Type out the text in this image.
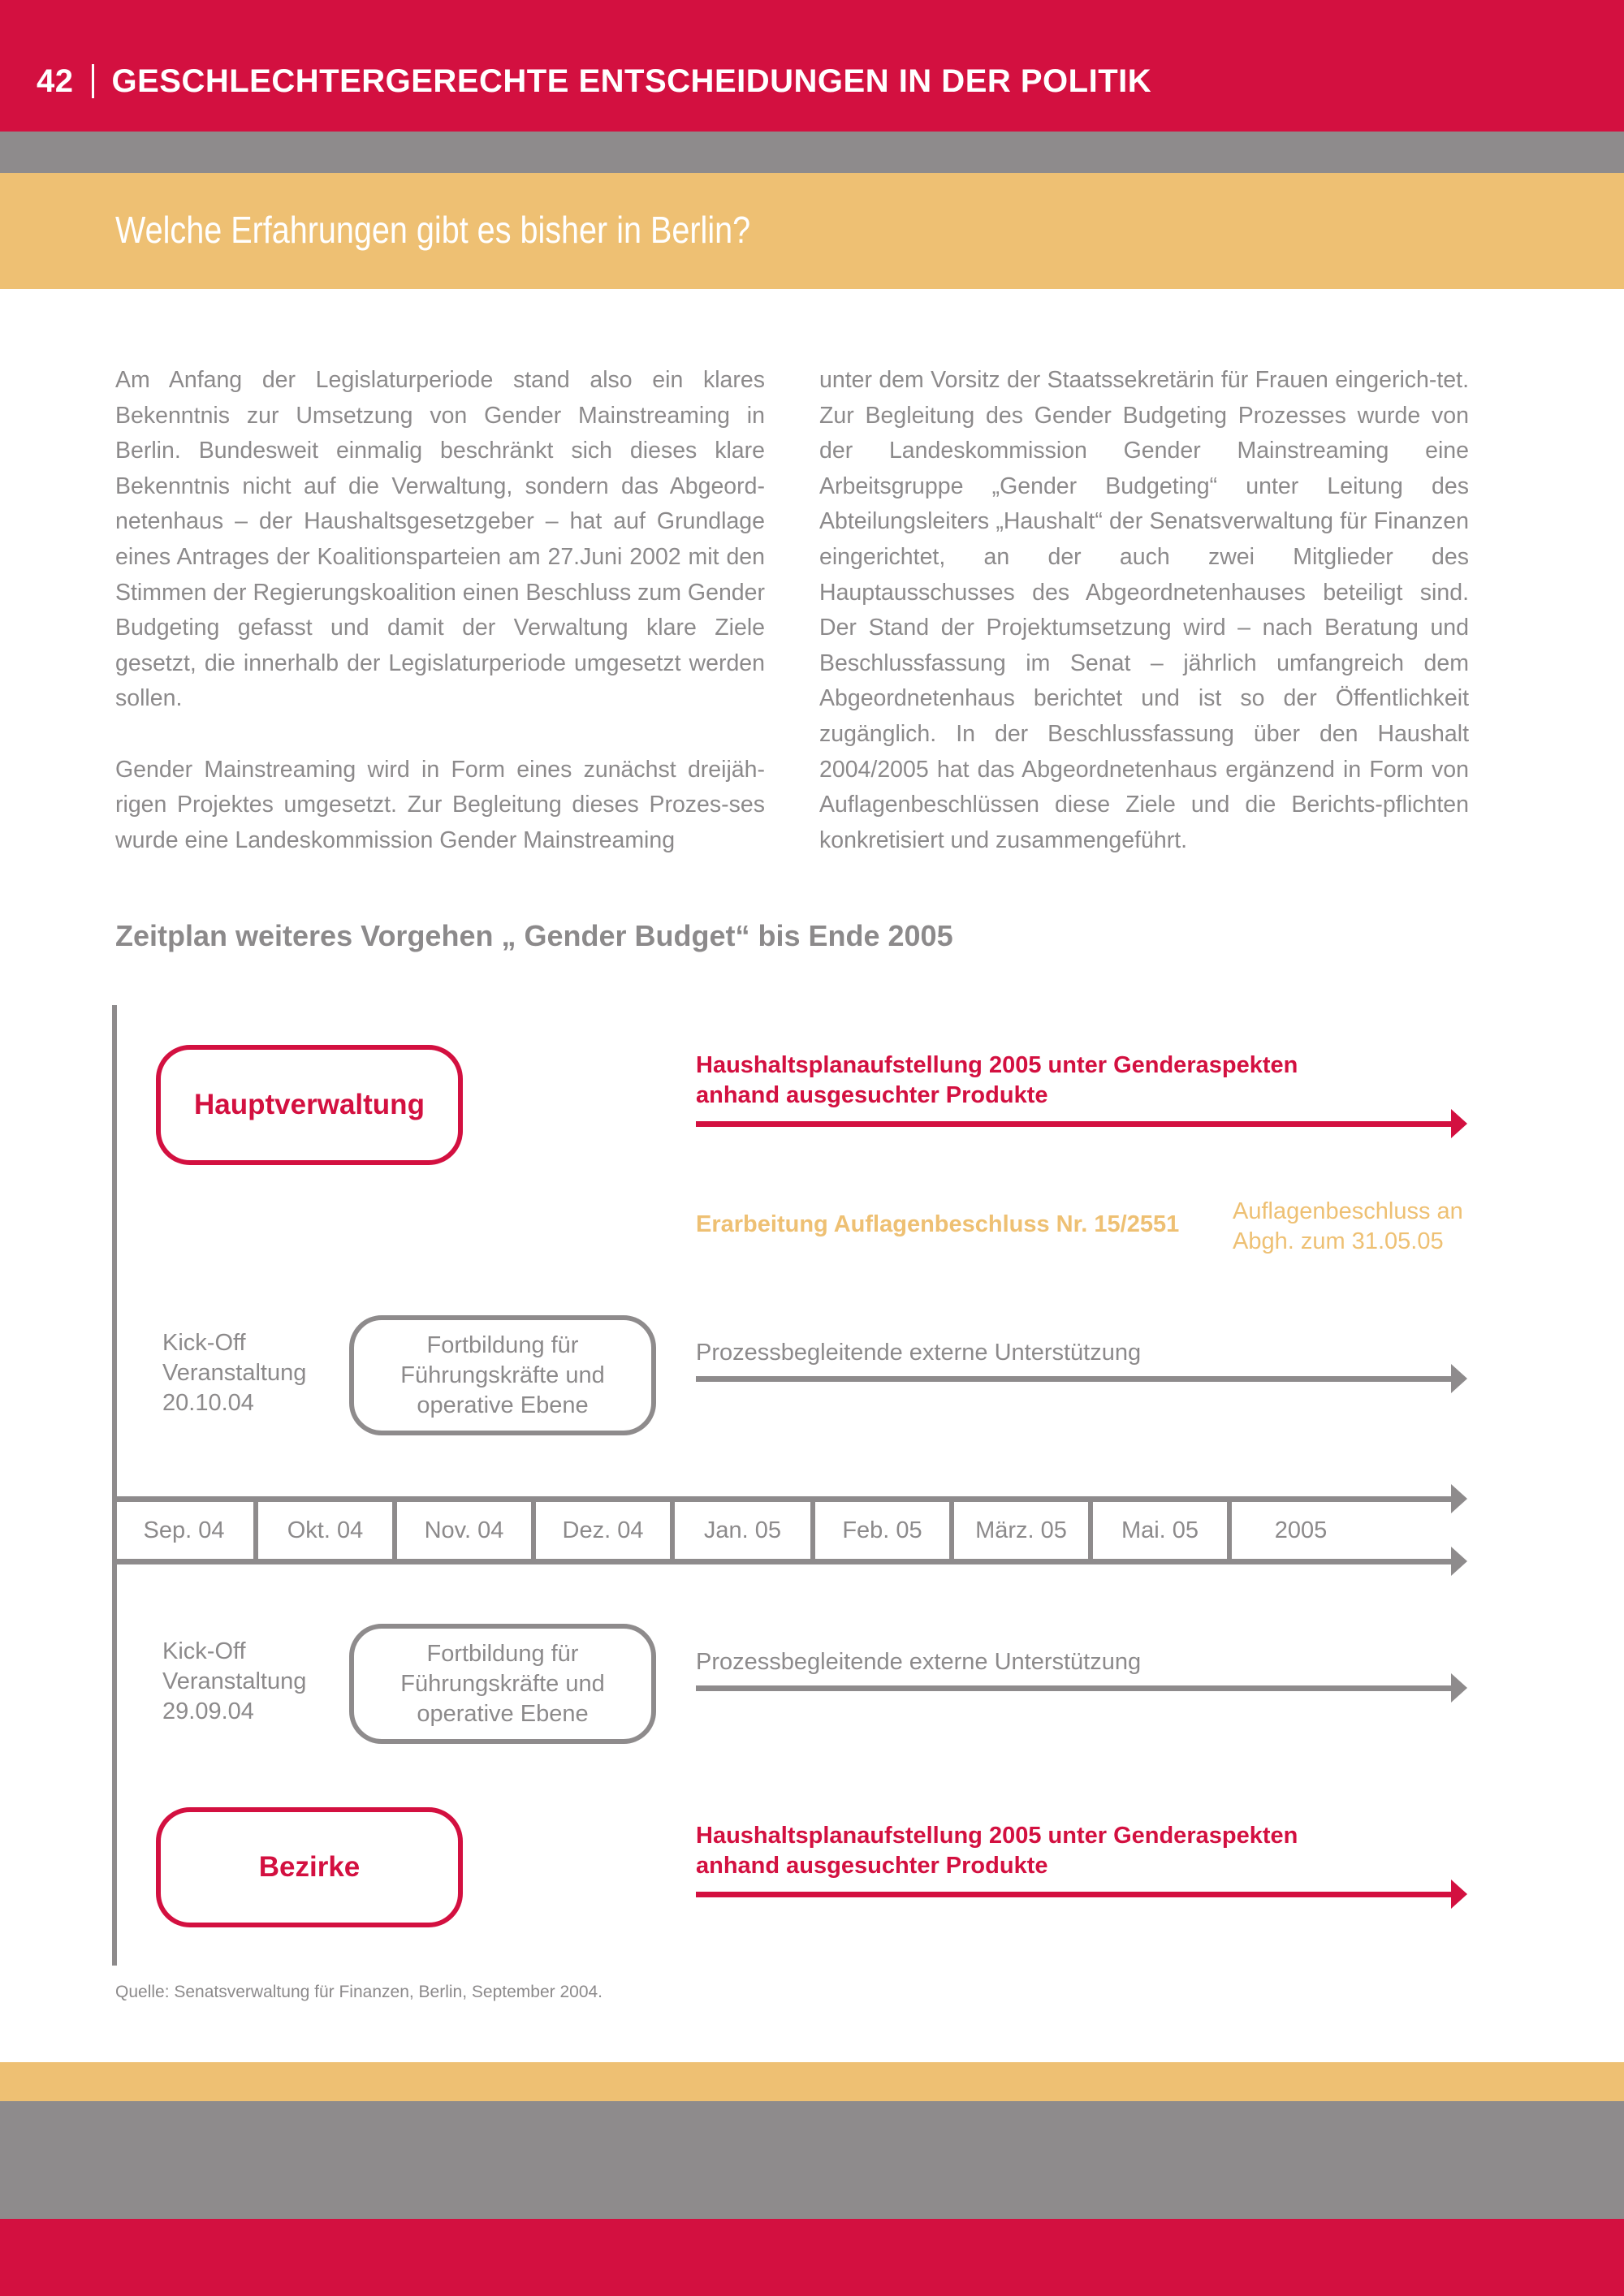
42 GESCHLECHTERGERECHTE ENTSCHEIDUNGEN IN DER POLITIK
Welche Erfahrungen gibt es bisher in Berlin?

Am Anfang der Legislaturperiode stand also ein klares Bekenntnis zur Umsetzung von Gender Mainstreaming in Berlin. Bundesweit einmalig beschränkt sich dieses klare Bekenntnis nicht auf die Verwaltung, sondern das Abgeord-netenhaus – der Haushaltsgesetzgeber – hat auf Grundlage eines Antrages der Koalitionsparteien am 27.Juni 2002 mit den Stimmen der Regierungskoalition einen Beschluss zum Gender Budgeting gefasst und damit der Verwaltung klare Ziele gesetzt, die innerhalb der Legislaturperiode umgesetzt werden sollen.

Gender Mainstreaming wird in Form eines zunächst dreijäh-rigen Projektes umgesetzt. Zur Begleitung dieses Prozes-ses wurde eine Landeskommission Gender Mainstreaming

unter dem Vorsitz der Staatssekretärin für Frauen eingerich-tet. Zur Begleitung des Gender Budgeting Prozesses wurde von der Landeskommission Gender Mainstreaming eine Arbeitsgruppe „Gender Budgeting“ unter Leitung des Abteilungsleiters „Haushalt“ der Senatsverwaltung für Finanzen eingerichtet, an der auch zwei Mitglieder des Hauptausschusses des Abgeordnetenhauses beteiligt sind. Der Stand der Projektumsetzung wird – nach Beratung und Beschlussfassung im Senat – jährlich umfangreich dem Abgeordnetenhaus berichtet und ist so der Öffentlichkeit zugänglich. In der Beschlussfassung über den Haushalt 2004/2005 hat das Abgeordnetenhaus ergänzend in Form von Auflagenbeschlüssen diese Ziele und die Berichts-pflichten konkretisiert und zusammengeführt.

Zeitplan weiteres Vorgehen „ Gender Budget“ bis Ende 2005
Hauptverwaltung
Haushaltsplanaufstellung 2005 unter Genderaspekten
anhand ausgesuchter Produkte
Erarbeitung Auflagenbeschluss Nr. 15/2551 Auflagenbeschluss an
Abgh. zum 31.05.05
Kick-Off
Veranstaltung
20.10.04
Fortbildung für
Führungskräfte und
operative Ebene
Prozessbegleitende externe Unterstützung
Sep. 04	Okt. 04	Nov. 04	Dez. 04	Jan. 05	Feb. 05	März. 05	Mai. 05	2005
Kick-Off
Veranstaltung
29.09.04
Fortbildung für
Führungskräfte und
operative Ebene
Prozessbegleitende externe Unterstützung
Bezirke
Haushaltsplanaufstellung 2005 unter Genderaspekten
anhand ausgesuchter Produkte
Quelle: Senatsverwaltung für Finanzen, Berlin, September 2004.
